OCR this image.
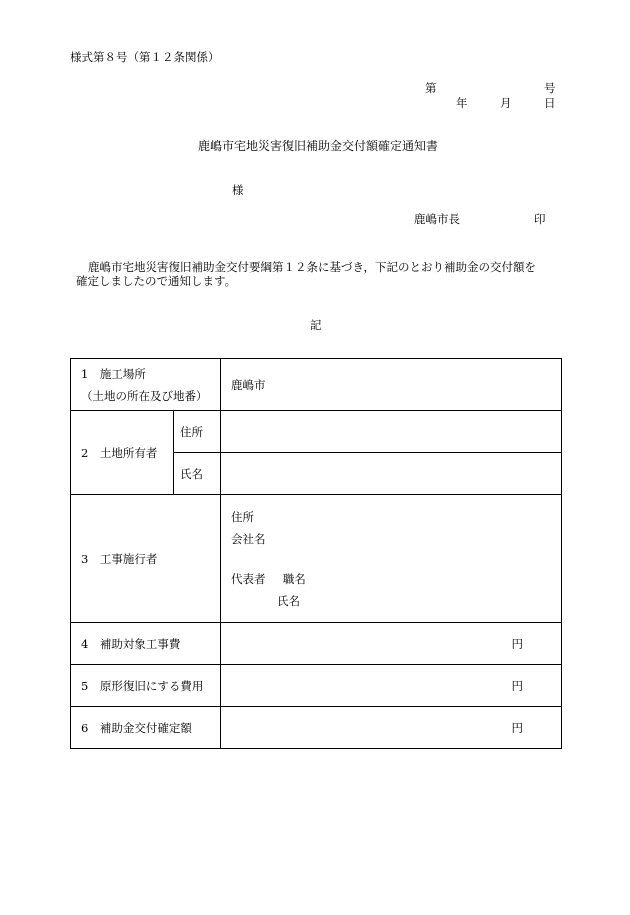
様式第８号（第１２条関係）
第	号
年	月	日
鹿嶋市宅地災害復旧補助金交付額確定通知書
様
鹿嶋市長	印
鹿嶋市宅地災害復旧補助金交付要綱第１２条に基づき，下記のとおり補助金の交付額を
確定しましたので通知します。
記
1　施工場所
（土地の所在及び地番）		鹿嶋市
2　土地所有者	住所	
	氏名	
3　工事施行者		住所
会社名
代表者 職名
氏名

4　補助対象工事費		円

5　原形復旧にする費用		円

6　補助金交付確定額		円
